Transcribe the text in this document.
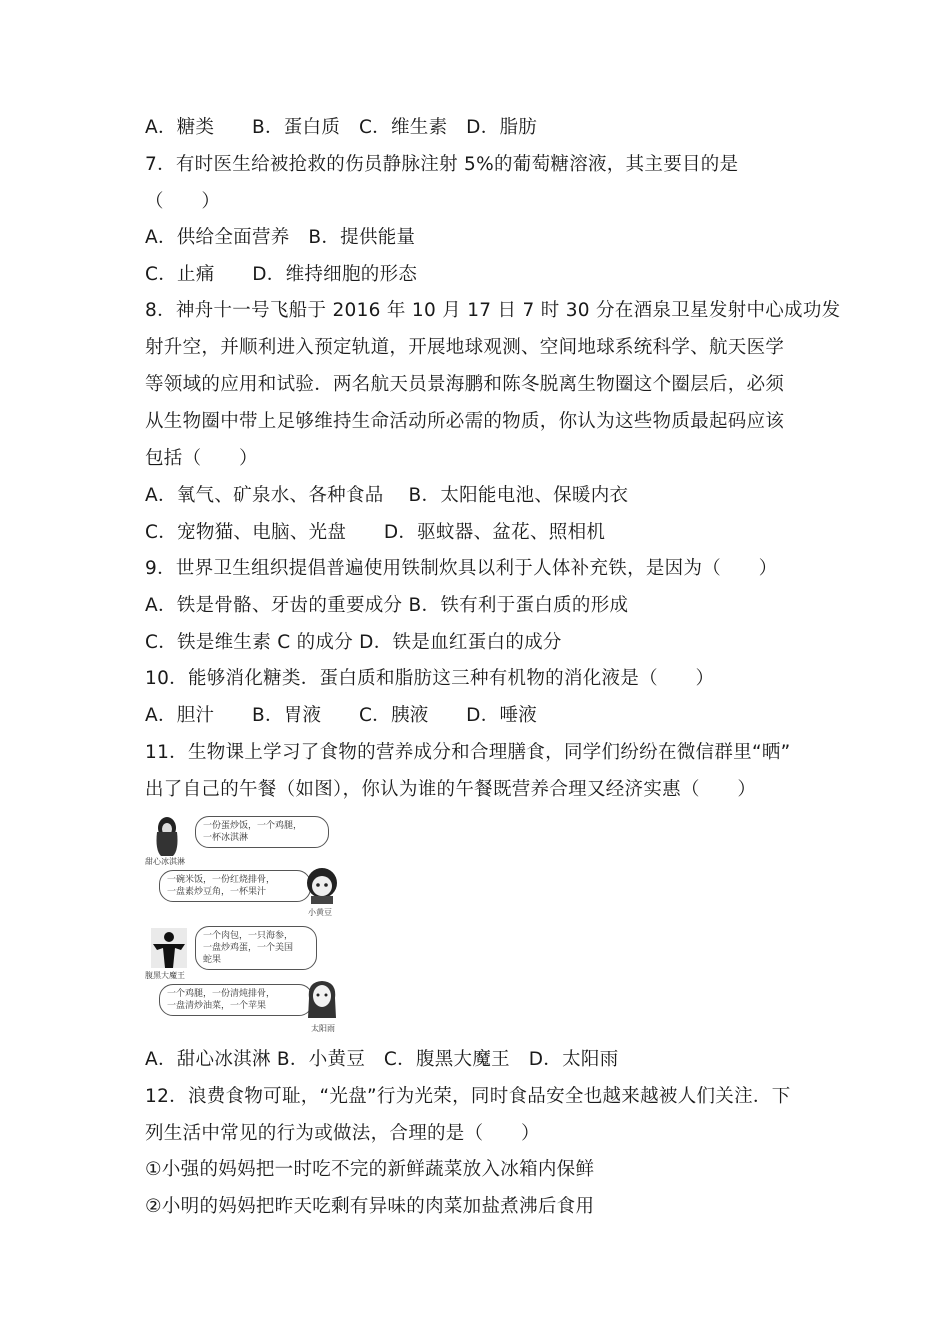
A．糖类　　B．蛋白质　C．维生素　D．脂肪
7．有时医生给被抢救的伤员静脉注射 5%的葡萄糖溶液，其主要目的是
（　　）
A．供给全面营养　B．提供能量
C．止痛　　D．维持细胞的形态
8．神舟十一号飞船于 2016 年 10 月 17 日 7 时 30 分在酒泉卫星发射中心成功发
射升空，并顺利进入预定轨道，开展地球观测、空间地球系统科学、航天医学
等领域的应用和试验．两名航天员景海鹏和陈冬脱离生物圈这个圈层后，必须
从生物圈中带上足够维持生命活动所必需的物质，你认为这些物质最起码应该
包括（　　）
A．氧气、矿泉水、各种食品　 B．太阳能电池、保暖内衣
C．宠物猫、电脑、光盘　　D．驱蚊器、盆花、照相机
9．世界卫生组织提倡普遍使用铁制炊具以利于人体补充铁，是因为（　　）
A．铁是骨骼、牙齿的重要成分 B．铁有利于蛋白质的形成
C．铁是维生素 C 的成分 D．铁是血红蛋白的成分
10．能够消化糖类．蛋白质和脂肪这三种有机物的消化液是（　　）
A．胆汁　　B．胃液　　C．胰液　　D．唾液
11．生物课上学习了食物的营养成分和合理膳食，同学们纷纷在微信群里“晒”
出了自己的午餐（如图），你认为谁的午餐既营养合理又经济实惠（　　）
甜心冰淇淋
一份蛋炒饭，一个鸡腿，
一杯冰淇淋
一碗米饭，一份红烧排骨，
一盘素炒豆角，一杯果汁
小黄豆
腹黑大魔王
一个肉包，一只海参，
一盘炒鸡蛋，一个美国
蛇果
一个鸡腿，一份清炖排骨，
一盘清炒油菜，一个苹果
太阳雨
A．甜心冰淇淋 B．小黄豆　C．腹黑大魔王　D．太阳雨
12．浪费食物可耻，“光盘”行为光荣，同时食品安全也越来越被人们关注．下
列生活中常见的行为或做法，合理的是（　　）
①小强的妈妈把一时吃不完的新鲜蔬菜放入冰箱内保鲜
②小明的妈妈把昨天吃剩有异味的肉菜加盐煮沸后食用
